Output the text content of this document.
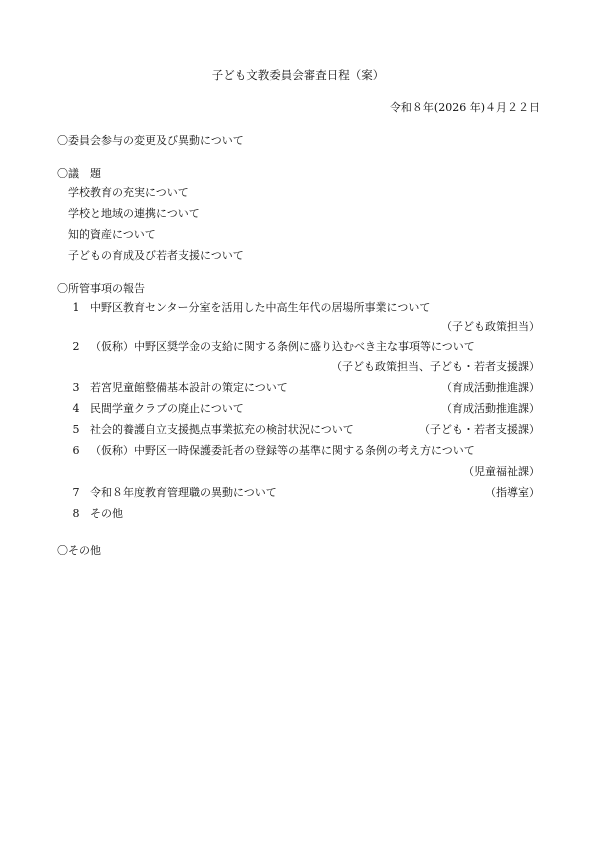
子ども文教委員会審査日程（案）
令和８年(2026 年)４月２２日
〇委員会参与の変更及び異動について
〇議　題
学校教育の充実について
学校と地域の連携について
知的資産について
子どもの育成及び若者支援について
〇所管事項の報告
1 中野区教育センター分室を活用した中高生年代の居場所事業について
（子ども政策担当）
2 （仮称）中野区奨学金の支給に関する条例に盛り込むべき主な事項等について
（子ども政策担当、子ども・若者支援課）
3 若宮児童館整備基本設計の策定について	（育成活動推進課）
4 民間学童クラブの廃止について	（育成活動推進課）
5 社会的養護自立支援拠点事業拡充の検討状況について	（子ども・若者支援課）
6 （仮称）中野区一時保護委託者の登録等の基準に関する条例の考え方について
（児童福祉課）
7 令和８年度教育管理職の異動について	（指導室）
8 その他
〇その他
